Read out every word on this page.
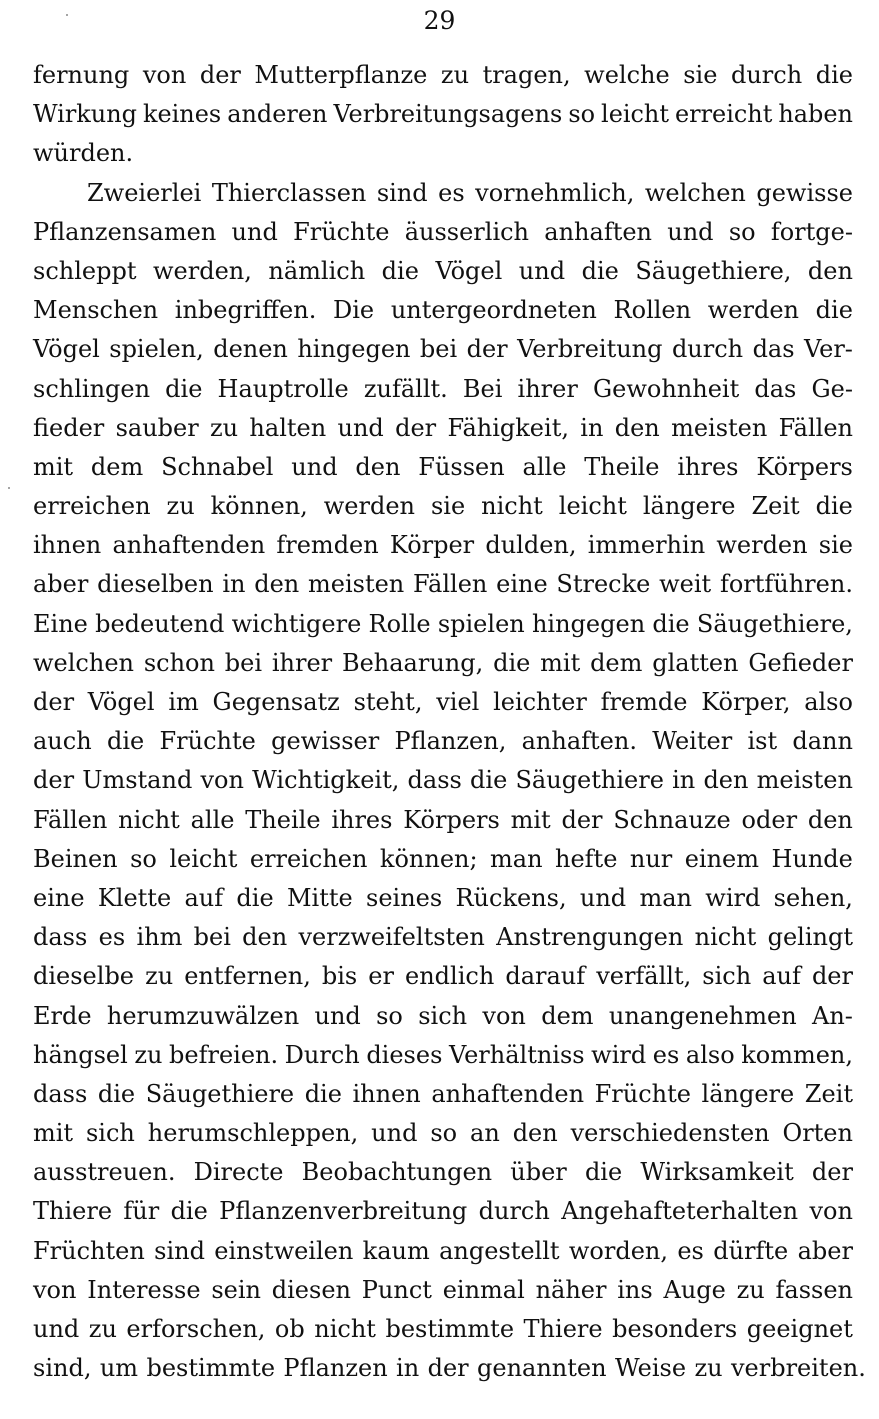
29
fernung von der Mutterpflanze zu tragen, welche sie durch die
Wirkung keines anderen Verbreitungsagens so leicht erreicht haben
würden.
Zweierlei Thierclassen sind es vornehmlich, welchen gewisse
Pflanzensamen und Früchte äusserlich anhaften und so fortge-
schleppt werden, nämlich die Vögel und die Säugethiere, den
Menschen inbegriffen. Die untergeordneten Rollen werden die
Vögel spielen, denen hingegen bei der Verbreitung durch das Ver-
schlingen die Hauptrolle zufällt. Bei ihrer Gewohnheit das Ge-
fieder sauber zu halten und der Fähigkeit, in den meisten Fällen
mit dem Schnabel und den Füssen alle Theile ihres Körpers
erreichen zu können, werden sie nicht leicht längere Zeit die
ihnen anhaftenden fremden Körper dulden, immerhin werden sie
aber dieselben in den meisten Fällen eine Strecke weit fortführen.
Eine bedeutend wichtigere Rolle spielen hingegen die Säugethiere,
welchen schon bei ihrer Behaarung, die mit dem glatten Gefieder
der Vögel im Gegensatz steht, viel leichter fremde Körper, also
auch die Früchte gewisser Pflanzen, anhaften. Weiter ist dann
der Umstand von Wichtigkeit, dass die Säugethiere in den meisten
Fällen nicht alle Theile ihres Körpers mit der Schnauze oder den
Beinen so leicht erreichen können; man hefte nur einem Hunde
eine Klette auf die Mitte seines Rückens, und man wird sehen,
dass es ihm bei den verzweifeltsten Anstrengungen nicht gelingt
dieselbe zu entfernen, bis er endlich darauf verfällt, sich auf der
Erde herumzuwälzen und so sich von dem unangenehmen An-
hängsel zu befreien. Durch dieses Verhältniss wird es also kommen,
dass die Säugethiere die ihnen anhaftenden Früchte längere Zeit
mit sich herumschleppen, und so an den verschiedensten Orten
ausstreuen. Directe Beobachtungen über die Wirksamkeit der
Thiere für die Pflanzenverbreitung durch Angehafteterhalten von
Früchten sind einstweilen kaum angestellt worden, es dürfte aber
von Interesse sein diesen Punct einmal näher ins Auge zu fassen
und zu erforschen, ob nicht bestimmte Thiere besonders geeignet
sind, um bestimmte Pflanzen in der genannten Weise zu verbreiten.
